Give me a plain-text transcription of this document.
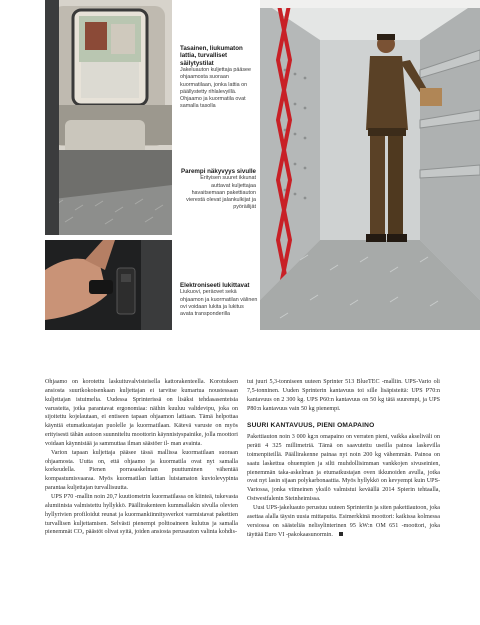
Tasainen, liukumaton lattia, turvalliset säilytystilat
Jakeluauton kuljettaja pääsee ohjaamosta suoraan kuormatilaan, jonka lattia on päällystetty rihlalevyillä. Ohjaamo ja kuormatila ovat samalla tasolla
Parempi näkyvyys sivulle
Erityisen suuret ikkunat auttavat kuljettajaa havaitsemaan pakettiauton vierestä olevat jalankulkijat ja pyöräilijät
Elektroniseeti lukittavat
Liukuovi, peräovet sekä ohjaamon ja kuormatilan välinen ovi voidaan lukita ja lukitus avata transponderilla

Ohjaamo on korotettu laskuituvalvisteisella kattorakenteella. Korotuksen ansiosta suurikokoisenkaan kuljettajan ei tarvitse kumartua noustessaan kuljettajan istuimelta. Uudessa Sprinterissä on lisäksi tehdasasenteisia varusteita, jotka parantavat ergonomiaa: näihin kuuluu valtdevipu, joka on sijoitettu kojelautaan, ei entiseen tapaan ohjaamon lattiaan. Tämä helpottaa käyntiä etumatkustajan puolelle ja kuormatilaan. Kätevä varuste on myös erityisesti tähän autoon suunniteltu moottorin käynnistyspainike, jolla moottori voidaan käynnistää ja sammuttaa ilman säästöer il- man avainta.

Varion tapaan kuljettaja pääsee tässä mallissa kuormatilaan suoraan ohjaamosta. Uutta on, että ohjaamo ja kuormatila ovat nyt samalla korkeudella. Pienen porrasaskelman puuttuminen vähentää kompastumisvaaraa. Myös kuormatilan lattian luistamaton kuviolevypinta parantaa kuljettajan turvallisuutta.

UPS P70 -mallin noin 20,7 kuutiometrin kuormatilassa on kiinteä, tukevasta alumiinista valmistettu hyllykkö. Päällirakenteen kummallakin sivulla olevien hyllyrivien profiloidut reunat ja kuormankiinnitysverkot varmistavat pakettien turvallisen kuljettamisen. Selvästi pienempi polttoaineen kulutus ja samalla pienemmät CO₂ päästöt olivat syitä, joiden ansiosta perusauton valinta kohdis-

tui juuri 5,3-tonniseen uuteen Sprinter 513 BlueTEC -malliin. UPS-Vario oli 7,5-tonninen. Uuden Sprinterin kantavuus toi sille lisäpisteitä: UPS P70:n kantavuus on 2 300 kg. UPS P60:n kantavuus on 50 kg tätä suurempi, ja UPS P80:n kantavuus vain 50 kg pienempi.

SUURI KANTAVUUS, PIENI OMAPAINO

Pakettiauton noin 3 000 kg:n omapaino on verraten pieni, vaikka akseliväli on peräti 4 325 millimetriä. Tämä on saavutettu useilla painoa laskevilla toimenpiteillä. Päällirakenne painaa nyt noin 200 kg vähemmän. Painoa on saatu laskettua ohuempien ja silti muhdollisimman vankkojen sivuseinien, pienemmän taka-askelman ja etumatkustajan oven ikkunoiden avulla, jotka ovat nyt lasin sijaan polykarbonaattia. Myös hyllykkö on kevyempi kuin UPS-Variossa, jonka viimeinen yksilö valmistui keväällä 2014 Spierin tehtaalla, Ostwestfalenin Steinheimissa.

Uusi UPS-jakeluauto perustuu uuteen Sprinteriin ja siten pakettiautoon, joka asettaa alalla täysin uusia mittapuita. Esimerkkinä moottori: kaikissa kolmessa versiossa on säästeliäs nelisylinterinen 95 kW:n OM 651 -moottori, joka täyttää Euro VI -pakokaasunormin.
